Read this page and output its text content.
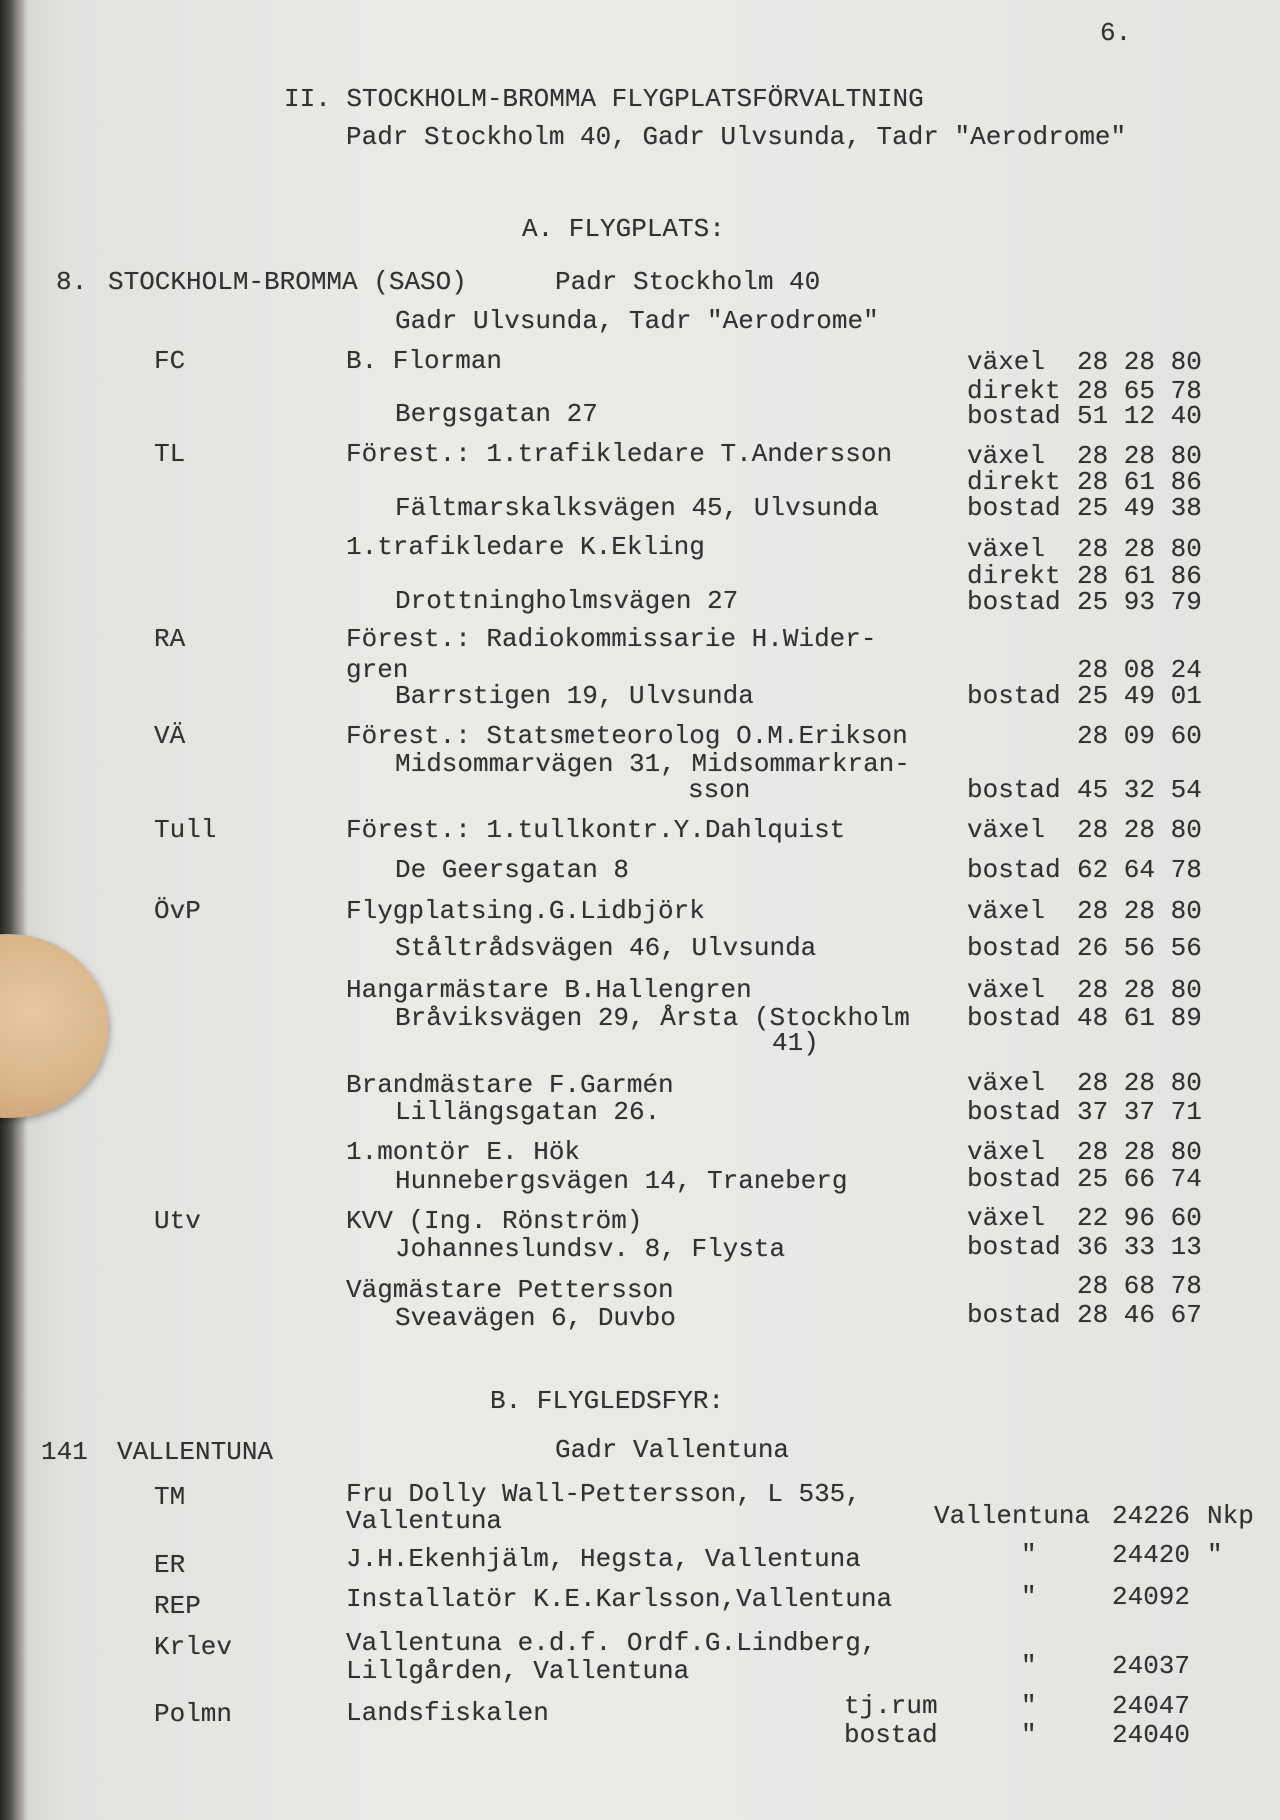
6.
II. STOCKHOLM-BROMMA FLYGPLATSFÖRVALTNING
Padr Stockholm 40, Gadr Ulvsunda, Tadr "Aerodrome"
A. FLYGPLATS:
8. STOCKHOLM-BROMMA (SASO)	Padr Stockholm 40
Gadr Ulvsunda, Tadr "Aerodrome"
FC	B. Florman	växel 28 28 80
direkt 28 65 78
Bergsgatan 27	bostad 51 12 40
TL	Förest.: 1.trafikledare T.Andersson	växel 28 28 80
direkt 28 61 86
Fältmarskalksvägen 45, Ulvsunda	bostad 25 49 38
1.trafikledare K.Ekling	växel 28 28 80
direkt 28 61 86
Drottningholmsvägen 27	bostad 25 93 79
RA	Förest.: Radiokommissarie H.Wider-
gren	28 08 24
Barrstigen 19, Ulvsunda	bostad 25 49 01
VÄ	Förest.: Statsmeteorolog O.M.Erikson	28 09 60
Midsommarvägen 31, Midsommarkran-
sson	bostad 45 32 54
Tull	Förest.: 1.tullkontr.Y.Dahlquist	växel 28 28 80
De Geersgatan 8	bostad 62 64 78
ÖvP	Flygplatsing.G.Lidbjörk	växel 28 28 80
Ståltrådsvägen 46, Ulvsunda	bostad 26 56 56
Hangarmästare B.Hallengren	växel 28 28 80
Bråviksvägen 29, Årsta (Stockholm bostad 48 61 89
41)
Brandmästare F.Garmén	växel 28 28 80
Lillängsgatan 26.	bostad 37 37 71
1.montör E. Hök	växel 28 28 80
Hunnebergsvägen 14, Traneberg	bostad 25 66 74
Utv	KVV (Ing. Rönström)	växel 22 96 60
Johanneslundsv. 8, Flysta	bostad 36 33 13
Vägmästare Pettersson	28 68 78
Sveavägen 6, Duvbo	bostad 28 46 67
B. FLYGLEDSFYR:
141 VALLENTUNA	Gadr Vallentuna
TM	Fru Dolly Wall-Pettersson, L 535,
Vallentuna	Vallentuna 24226 Nkp
ER	J.H.Ekenhjälm, Hegsta, Vallentuna	"	24420 "
REP	Installatör K.E.Karlsson,Vallentuna	"	24092
Krlev	Vallentuna e.d.f. Ordf.G.Lindberg,
Lillgården, Vallentuna	"	24037
Polmn	Landsfiskalen	tj.rum	"	24047
bostad	"	24040
